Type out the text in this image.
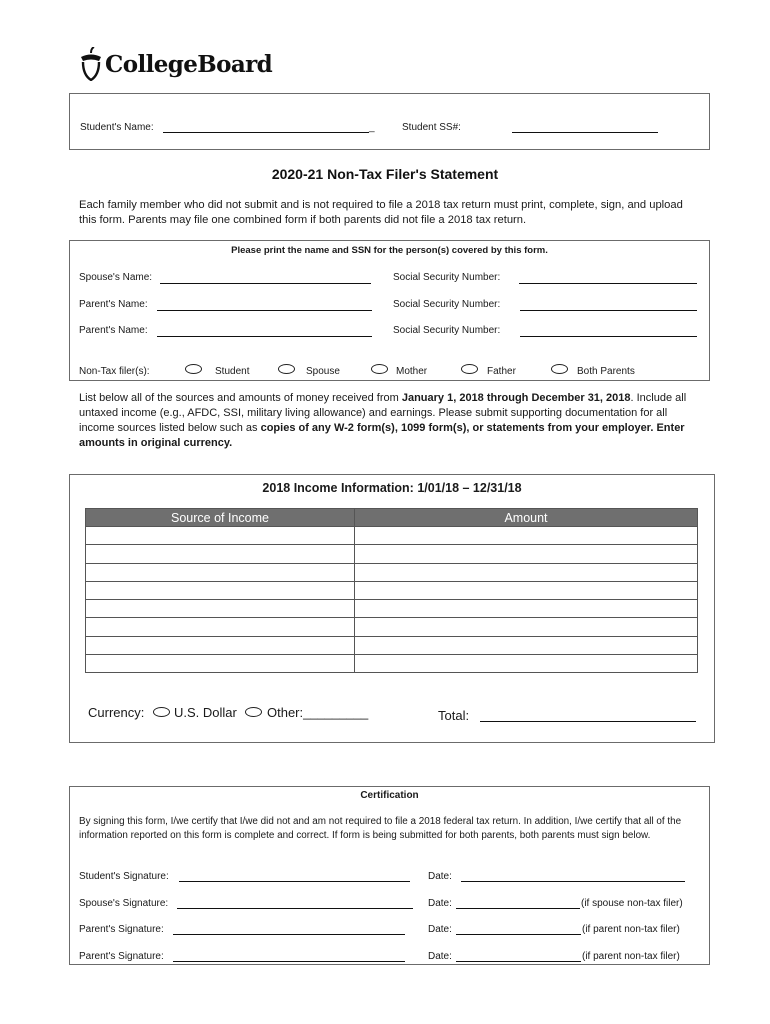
CollegeBoard
Student's Name:	_	Student SS#:
2020-21 Non-Tax Filer's Statement
Each family member who did not submit and is not required to file a 2018 tax return must print, complete, sign, and upload this form. Parents may file one combined form if both parents did not file a 2018 tax return.
Please print the name and SSN for the person(s) covered by this form.
Spouse's Name:	Social Security Number:
Parent's Name:	Social Security Number:
Parent's Name:	Social Security Number:
Non-Tax filer(s):	Student	Spouse	Mother	Father	Both Parents
List below all of the sources and amounts of money received from January 1, 2018 through December 31, 2018. Include all untaxed income (e.g., AFDC, SSI, military living allowance) and earnings. Please submit supporting documentation for all income sources listed below such as copies of any W-2 form(s), 1099 form(s), or statements from your employer. Enter amounts in original currency.
2018 Income Information: 1/01/18 – 12/31/18
Source of Income	Amount

Currency: U.S. Dollar Other:_________	Total:
Certification
By signing this form, I/we certify that I/we did not and am not required to file a 2018 federal tax return. In addition, I/we certify that all of the information reported on this form is complete and correct. If form is being submitted for both parents, both parents must sign below.
Student's Signature:	Date:
Spouse's Signature:	Date:	(if spouse non-tax filer)
Parent's Signature:	Date:	(if parent non-tax filer)
Parent's Signature:	Date:	(if parent non-tax filer)
